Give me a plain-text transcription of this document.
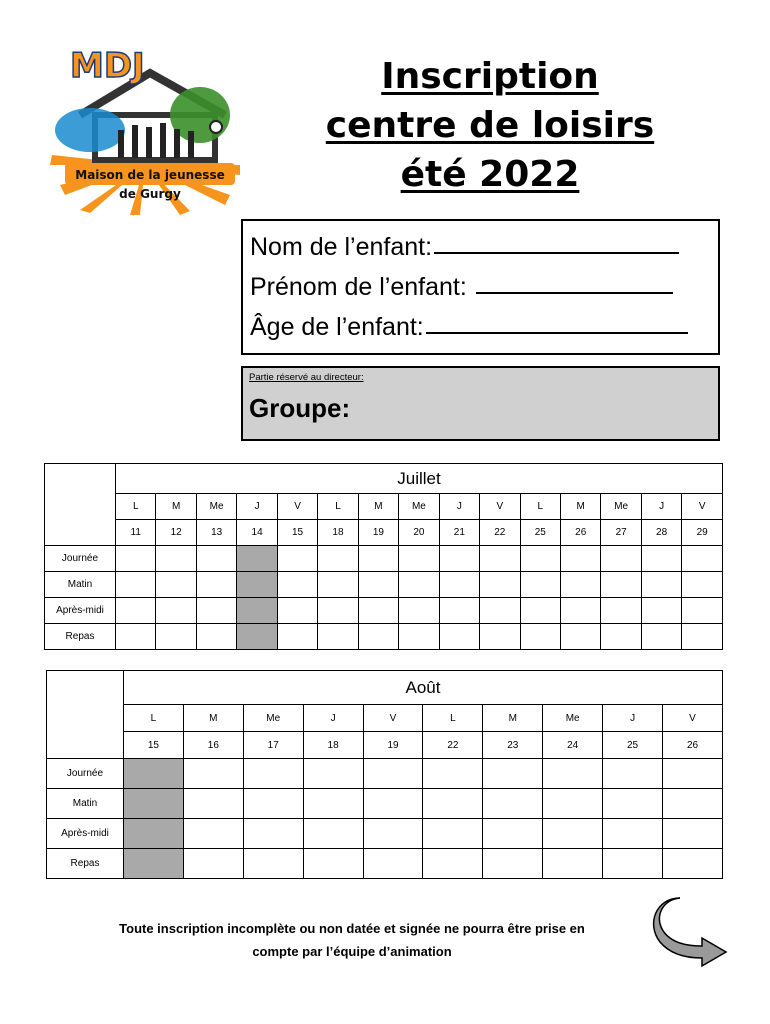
MDJ
Maison de la jeunesse
de Gurgy
Inscription
centre de loisirs
été 2022
Nom de l’enfant:
Prénom de l’enfant:
Âge de l’enfant:
Partie réservé au directeur:
Groupe:
	Juillet														
	L	M	Me	J	V	L	M	Me	J	V	L	M	Me	J	V
	11	12	13	14	15	18	19	20	21	22	25	26	27	28	29
Journée															
Matin															
Après-midi															
Repas															
	Août									
	L	M	Me	J	V	L	M	Me	J	V
	15	16	17	18	19	22	23	24	25	26
Journée										
Matin										
Après-midi										
Repas										
Toute inscription incomplète ou non datée et signée ne pourra être prise en
compte par l’équipe d’animation
